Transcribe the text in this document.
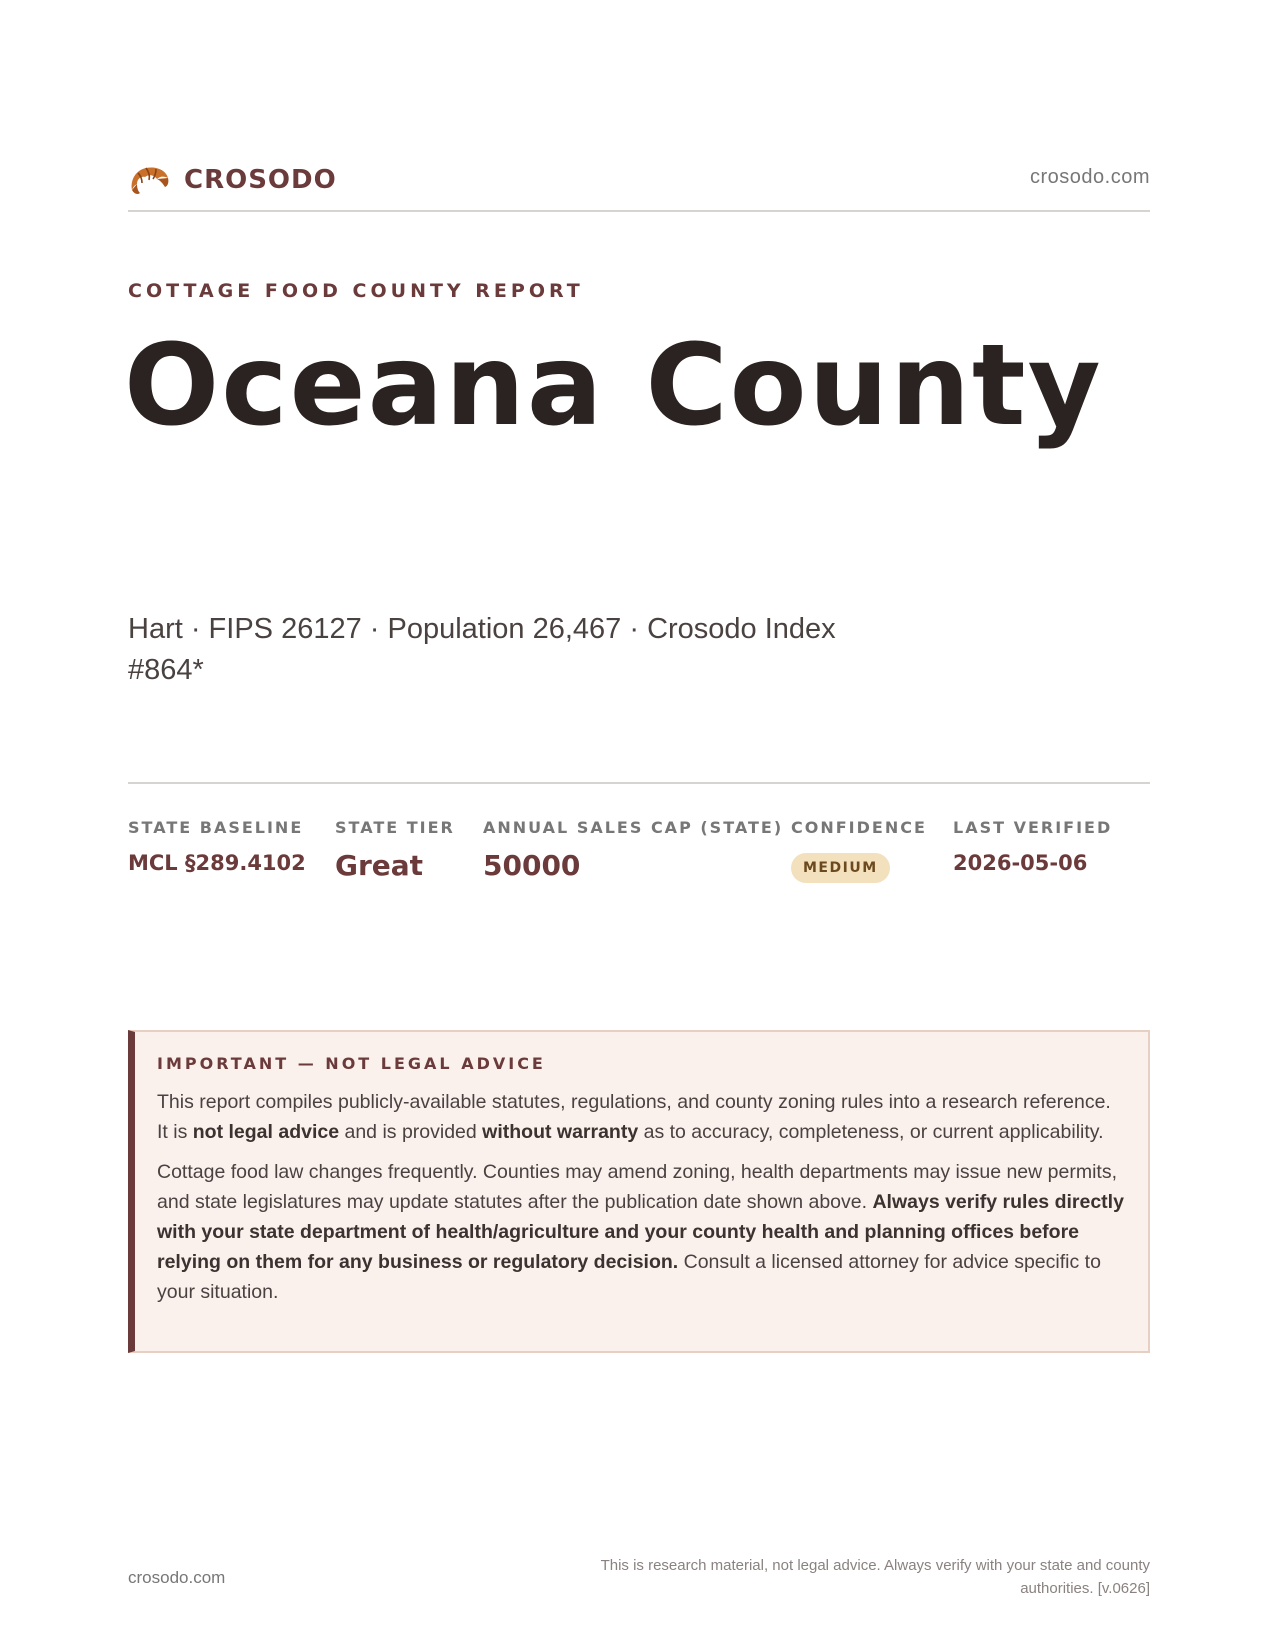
CROSODO	crosodo.com
COTTAGE FOOD COUNTY REPORT
Oceana County
Hart · FIPS 26127 · Population 26,467 · Crosodo Index #864*
STATE BASELINE
MCL §289.4102
STATE TIER
Great
ANNUAL SALES CAP (STATE)
50000
CONFIDENCE
MEDIUM
LAST VERIFIED
2026-05-06
IMPORTANT — NOT LEGAL ADVICE

This report compiles publicly-available statutes, regulations, and county zoning rules into a research reference. It is not legal advice and is provided without warranty as to accuracy, completeness, or current applicability.

Cottage food law changes frequently. Counties may amend zoning, health departments may issue new permits, and state legislatures may update statutes after the publication date shown above. Always verify rules directly with your state department of health/agriculture and your county health and planning offices before relying on them for any business or regulatory decision. Consult a licensed attorney for advice specific to your situation.

crosodo.com
This is research material, not legal advice. Always verify with your state and county authorities. [v.0626]
